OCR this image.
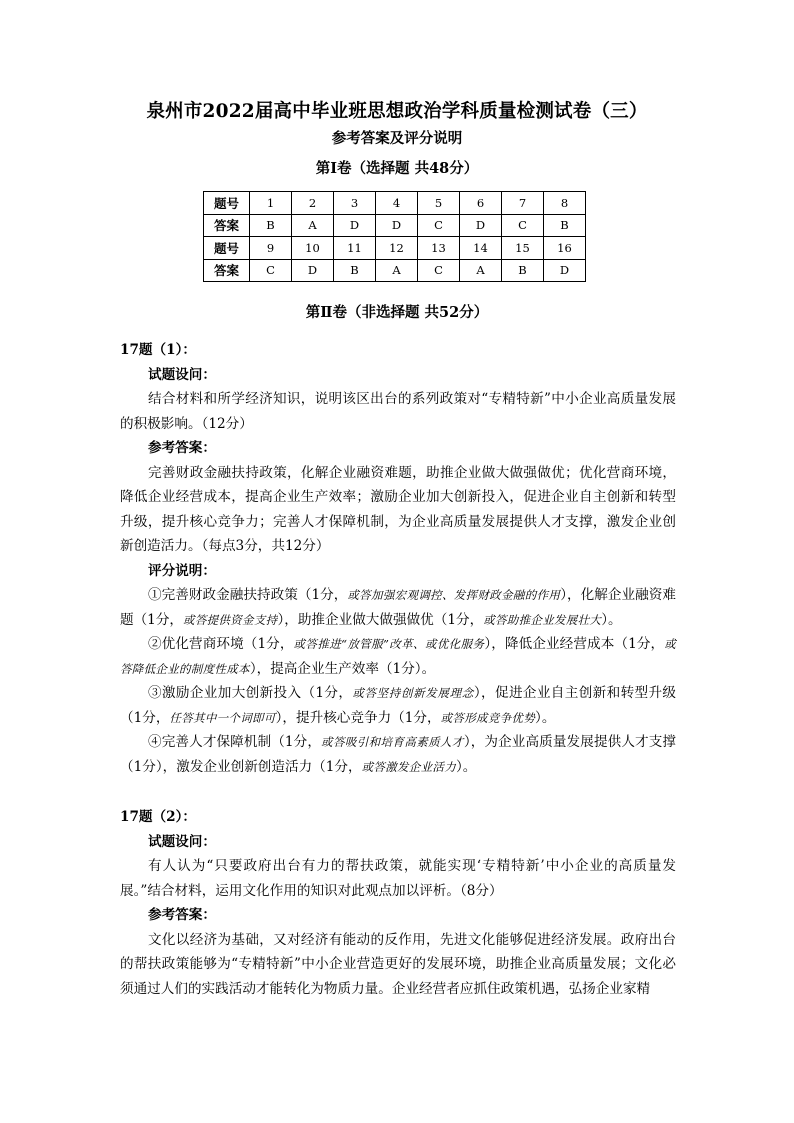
泉州市2022届高中毕业班思想政治学科质量检测试卷（三）
参考答案及评分说明
第Ⅰ卷（选择题 共48分）
题号	1	2	3	4	5	6	7	8
答案	B	A	D	D	C	D	C	B
题号	9	10	11	12	13	14	15	16
答案	C	D	B	A	C	A	B	D
第Ⅱ卷（非选择题 共52分）
17题（1）：
试题设问：
结合材料和所学经济知识，说明该区出台的系列政策对“专精特新”中小企业高质量发展的积极影响。（12分）
参考答案：
完善财政金融扶持政策，化解企业融资难题，助推企业做大做强做优；优化营商环境，降低企业经营成本，提高企业生产效率；激励企业加大创新投入，促进企业自主创新和转型升级，提升核心竞争力；完善人才保障机制，为企业高质量发展提供人才支撑，激发企业创新创造活力。（每点3分，共12分）
评分说明：
①完善财政金融扶持政策（1分，或答加强宏观调控、发挥财政金融的作用），化解企业融资难题（1分，或答提供资金支持），助推企业做大做强做优（1分，或答助推企业发展壮大）。
②优化营商环境（1分，或答推进“放管服”改革、或优化服务），降低企业经营成本（1分，或答降低企业的制度性成本），提高企业生产效率（1分）。
③激励企业加大创新投入（1分，或答坚持创新发展理念），促进企业自主创新和转型升级（1分，任答其中一个词即可），提升核心竞争力（1分，或答形成竞争优势）。
④完善人才保障机制（1分，或答吸引和培育高素质人才），为企业高质量发展提供人才支撑（1分），激发企业创新创造活力（1分，或答激发企业活力）。
17题（2）：
试题设问：
有人认为“只要政府出台有力的帮扶政策，就能实现‘专精特新’中小企业的高质量发展。”结合材料，运用文化作用的知识对此观点加以评析。（8分）
参考答案：
文化以经济为基础，又对经济有能动的反作用，先进文化能够促进经济发展。政府出台的帮扶政策能够为“专精特新”中小企业营造更好的发展环境，助推企业高质量发展；文化必须通过人们的实践活动才能转化为物质力量。企业经营者应抓住政策机遇，弘扬企业家精
